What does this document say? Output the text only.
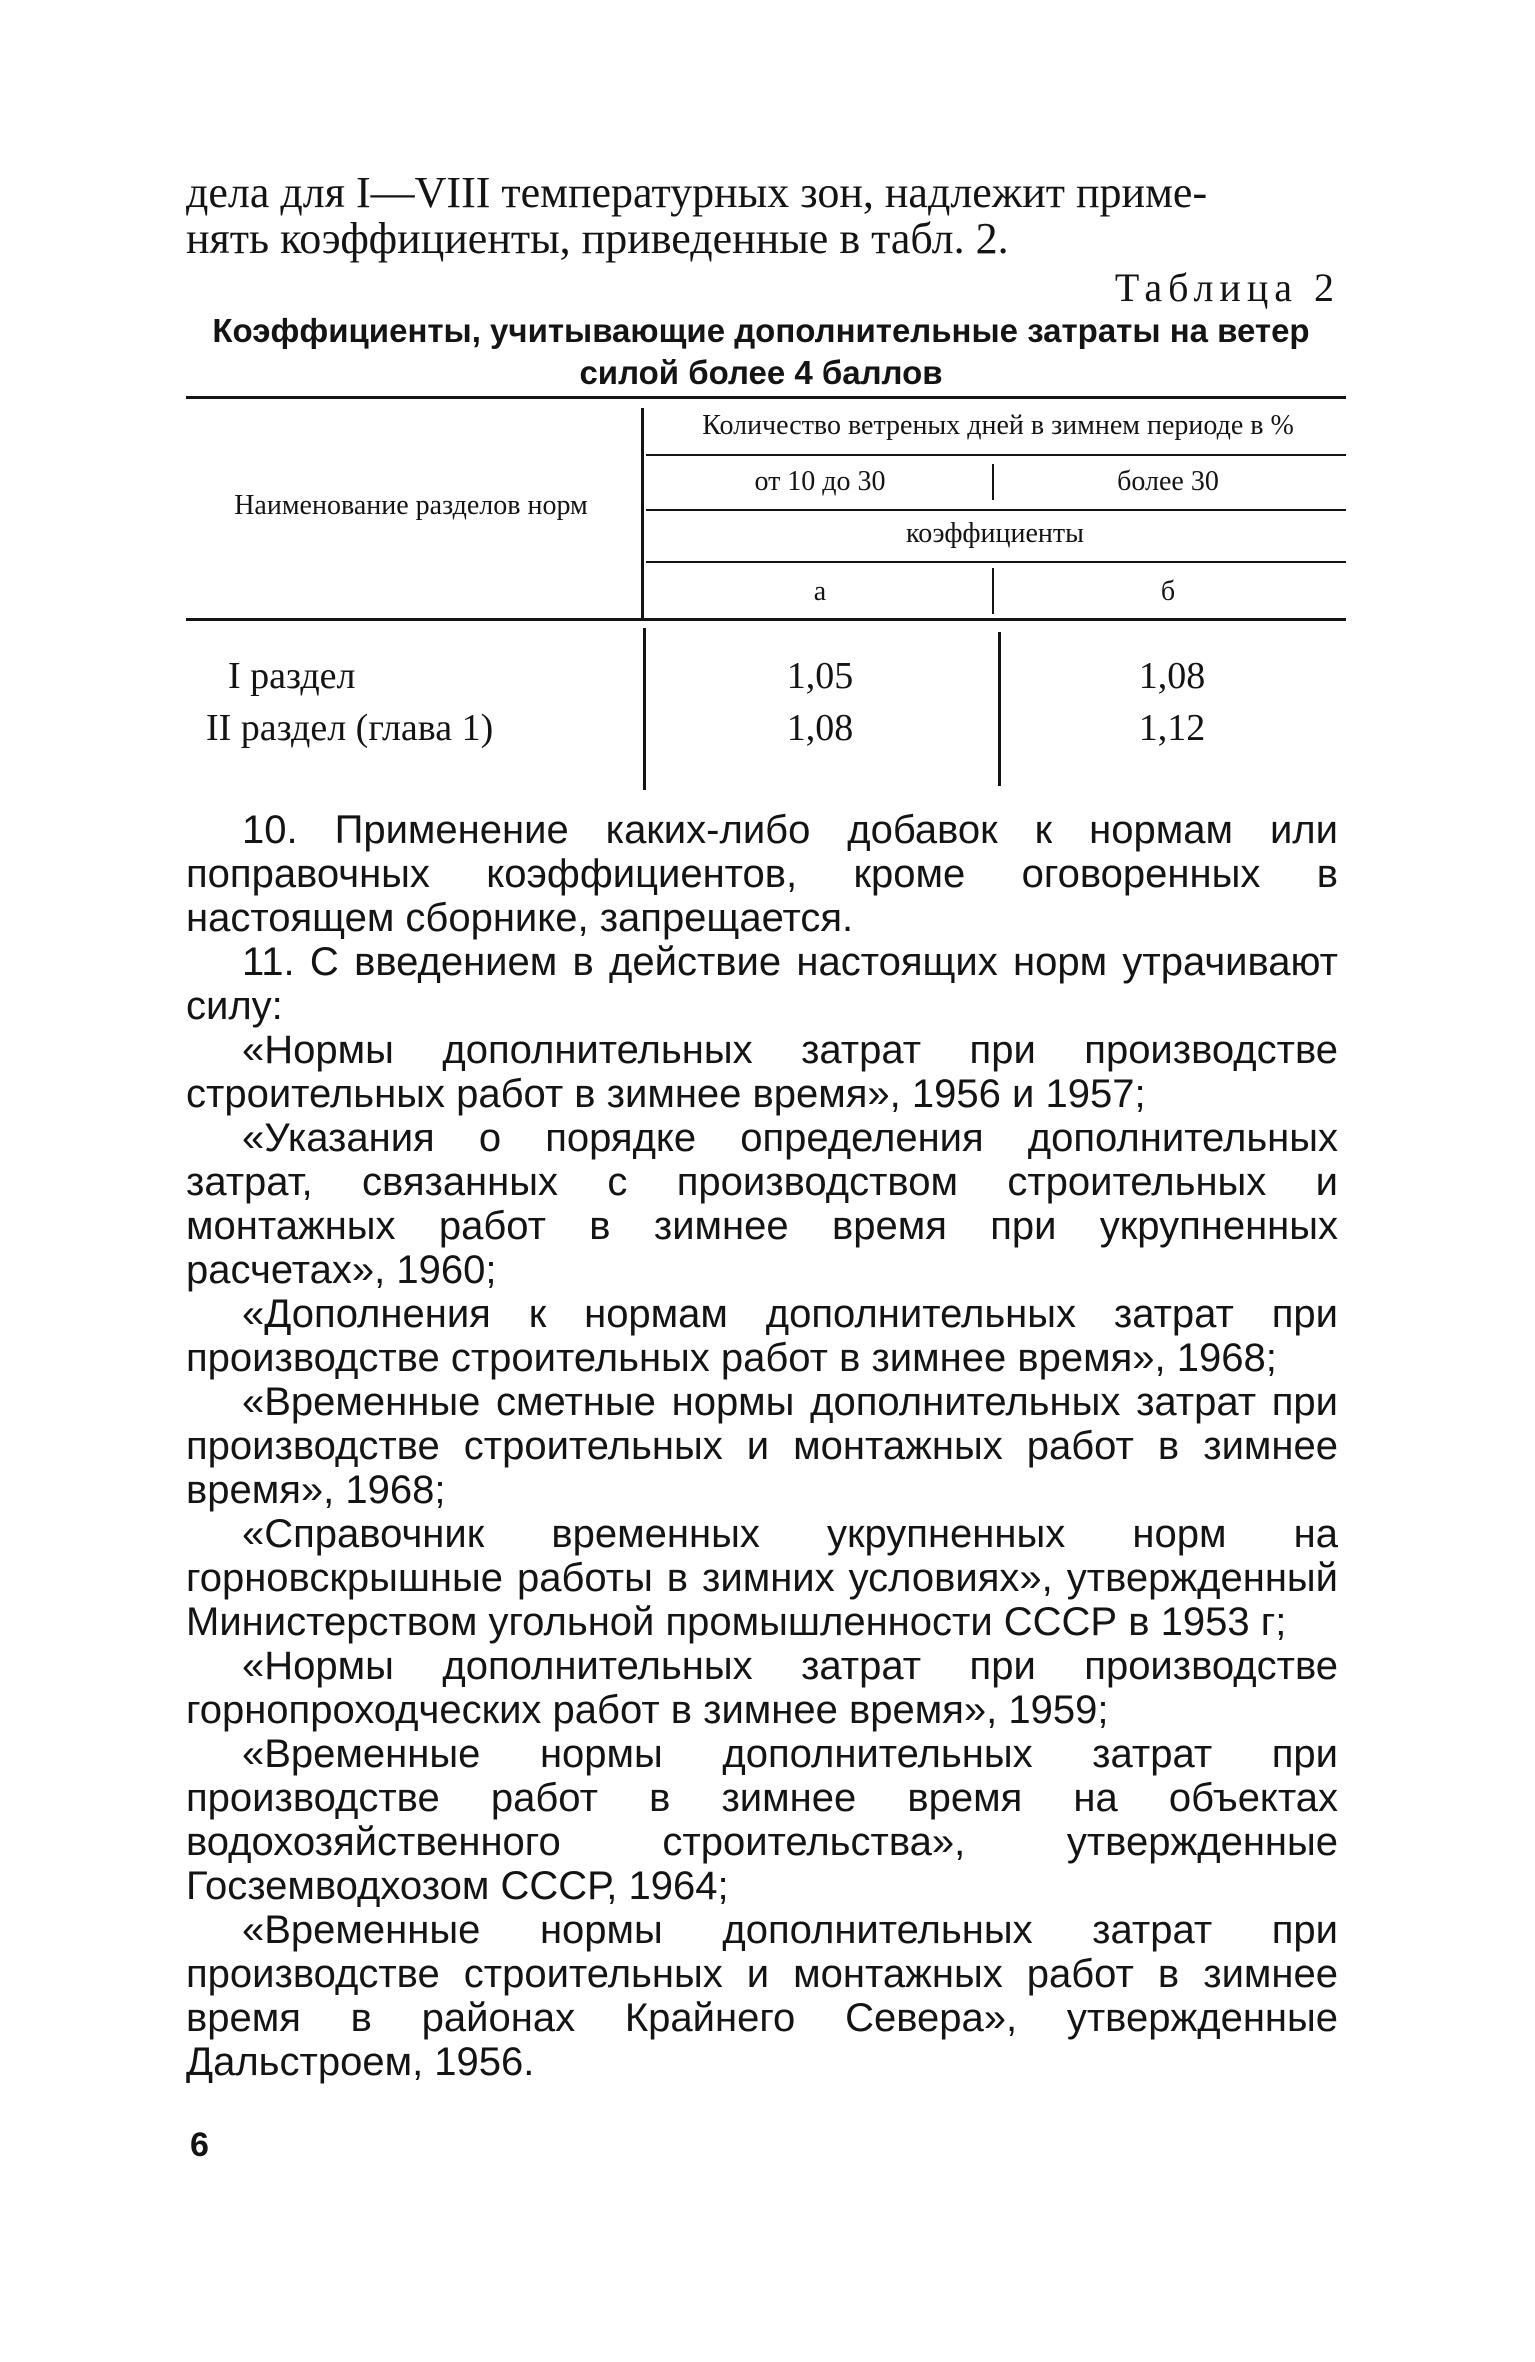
дела для I—VIII температурных зон, надлежит приме-
нять коэффициенты, приведенные в табл. 2.
Таблица 2
Коэффициенты, учитывающие дополнительные затраты на ветер
силой более 4 баллов
Наименование разделов норм
Количество ветреных дней в зимнем периоде в %
от 10 до 30	более 30
коэффициенты
а	б
I раздел	1,05	1,08
II раздел (глава 1)	1,08	1,12

10. Применение каких-либо добавок к нормам или поправочных коэффициентов, кроме оговоренных в настоящем сборнике, запрещается.

11. С введением в действие настоящих норм утрачивают силу:

«Нормы дополнительных затрат при производстве строительных работ в зимнее время», 1956 и 1957;

«Указания о порядке определения дополнительных затрат, связанных с производством строительных и монтажных работ в зимнее время при укрупненных расчетах», 1960;

«Дополнения к нормам дополнительных затрат при производстве строительных работ в зимнее время», 1968;

«Временные сметные нормы дополнительных затрат при производстве строительных и монтажных работ в зимнее время», 1968;

«Справочник временных укрупненных норм на горновскрышные работы в зимних условиях», утвержденный Министерством угольной промышленности СССР в 1953 г;

«Нормы дополнительных затрат при производстве горнопроходческих работ в зимнее время», 1959;

«Временные нормы дополнительных затрат при производстве работ в зимнее время на объектах водохозяйственного строительства», утвержденные Госземводхозом СССР, 1964;

«Временные нормы дополнительных затрат при производстве строительных и монтажных работ в зимнее время в районах Крайнего Севера», утвержденные Дальстроем, 1956.

6
